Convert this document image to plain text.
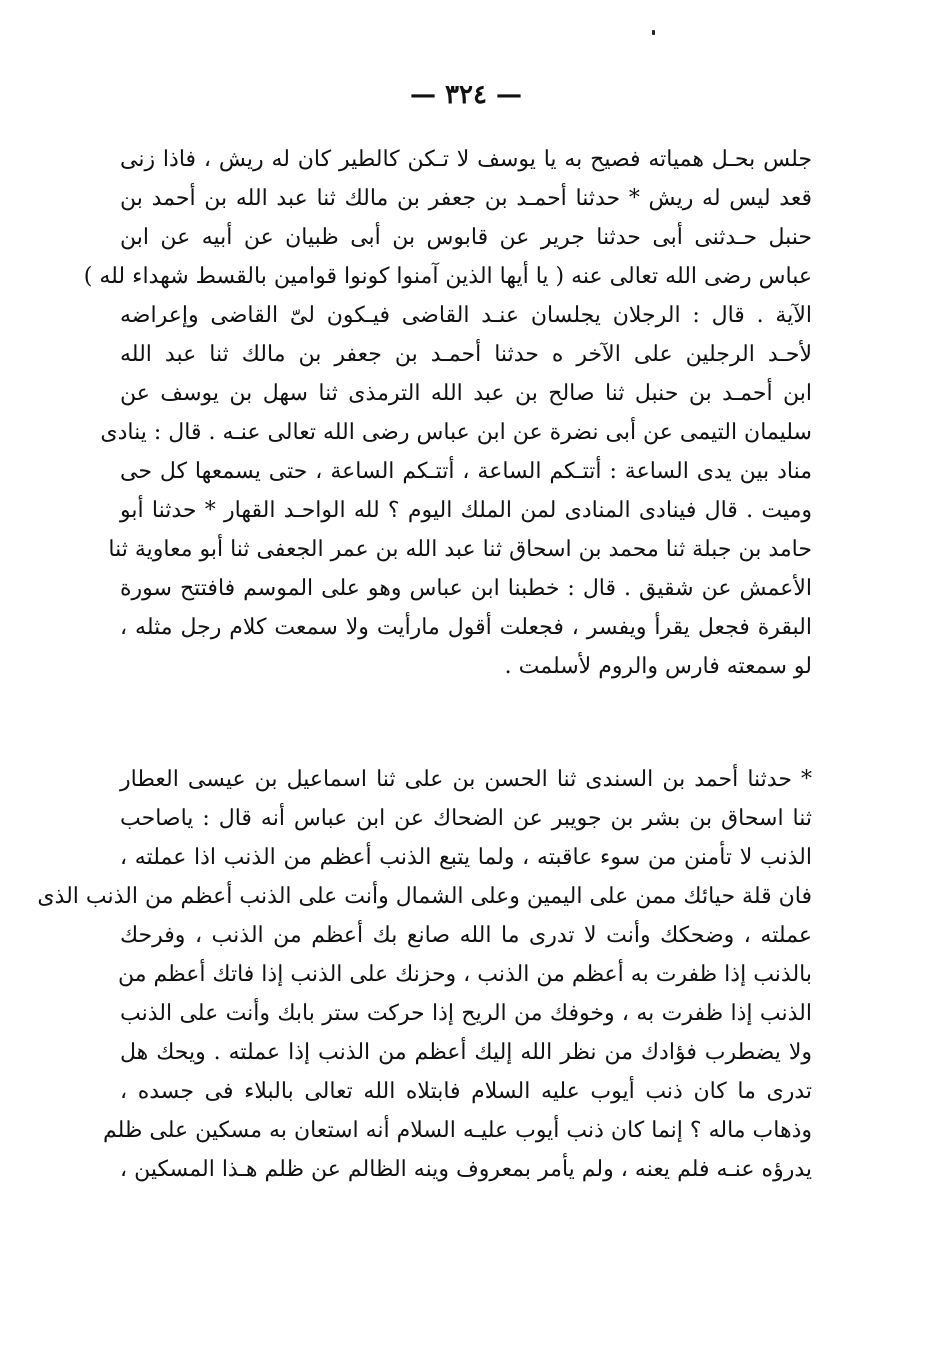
— ٣٢٤ —
جلس بحـل همياته فصيح به يا يوسف لا تـكن كالطير كان له ريش ، فاذا زنى
قعد ليس له ريش * حدثنا أحمـد بن جعفر بن مالك ثنا عبد الله بن أحمد بن
حنبل حـدثنى أبى حدثنا جرير عن قابوس بن أبى ظبيان عن أبيه عن ابن
عباس رضى الله تعالى عنه ( يا أيها الذين آمنوا كونوا قوامين بالقسط شهداء لله )
الآية . قال : الرجلان يجلسان عنـد القاضى فيـكون لىّ القاضى وإعراضه
لأحـد الرجلين على الآخر ه حدثنا أحمـد بن جعفر بن مالك ثنا عبد الله
ابن أحمـد بن حنبل ثنا صالح بن عبد الله الترمذى ثنا سهل بن يوسف عن
سليمان التيمى عن أبى نضرة عن ابن عباس رضى الله تعالى عنـه . قال : ينادى
مناد بين يدى الساعة : أتتـكم الساعة ، أتتـكم الساعة ، حتى يسمعها كل حى
وميت . قال فينادى المنادى لمن الملك اليوم ؟ لله الواحـد القهار * حدثنا أبو
حامد بن جبلة ثنا محمد بن اسحاق ثنا عبد الله بن عمر الجعفى ثنا أبو معاوية ثنا
الأعمش عن شقيق . قال : خطبنا ابن عباس وهو على الموسم فافتتح سورة
البقرة فجعل يقرأ ويفسر ، فجعلت أقول مارأيت ولا سمعت كلام رجل مثله ،
لو سمعته فارس والروم لأسلمت .
* حدثنا أحمد بن السندى ثنا الحسن بن على ثنا اسماعيل بن عيسى العطار
ثنا اسحاق بن بشر بن جويبر عن الضحاك عن ابن عباس أنه قال : ياصاحب
الذنب لا تأمنن من سوء عاقبته ، ولما يتبع الذنب أعظم من الذنب اذا عملته ،
فان قلة حيائك ممن على اليمين وعلى الشمال وأنت على الذنب أعظم من الذنب الذى
عملته ، وضحكك وأنت لا تدرى ما الله صانع بك أعظم من الذنب ، وفرحك
بالذنب إذا ظفرت به أعظم من الذنب ، وحزنك على الذنب إذا فاتك أعظم من
الذنب إذا ظفرت به ، وخوفك من الريح إذا حركت ستر بابك وأنت على الذنب
ولا يضطرب فؤادك من نظر الله إليك أعظم من الذنب إذا عملته . ويحك هل
تدرى ما كان ذنب أيوب عليه السلام فابتلاه الله تعالى بالبلاء فى جسده ،
وذهاب ماله ؟ إنما كان ذنب أيوب عليـه السلام أنه استعان به مسكين على ظلم
يدرؤه عنـه فلم يعنه ، ولم يأمر بمعروف وينه الظالم عن ظلم هـذا المسكين ،
